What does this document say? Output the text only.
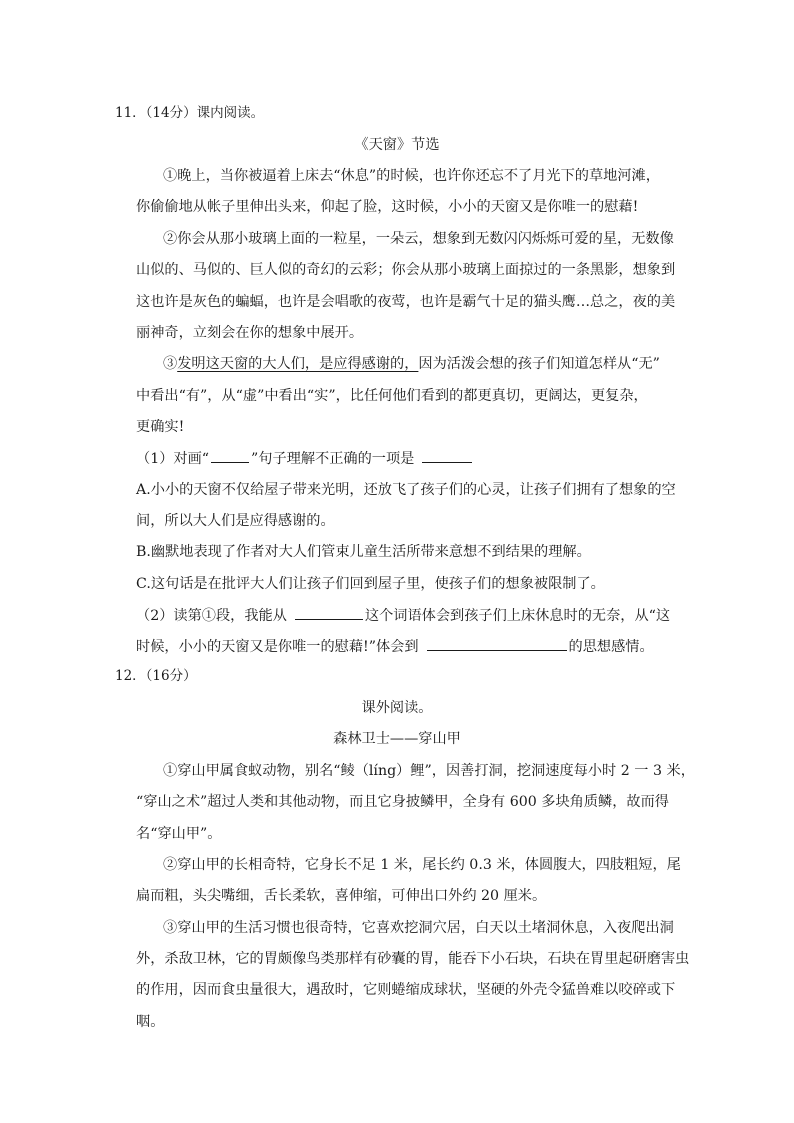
11．（14分）课内阅读。
《天窗》节选
①晚上，当你被逼着上床去“休息”的时候，也许你还忘不了月光下的草地河滩，
你偷偷地从帐子里伸出头来，仰起了脸，这时候，小小的天窗又是你唯一的慰藉!
②你会从那小玻璃上面的一粒星，一朵云，想象到无数闪闪烁烁可爱的星，无数像
山似的、马似的、巨人似的奇幻的云彩；你会从那小玻璃上面掠过的一条黑影，想象到
这也许是灰色的蝙蝠，也许是会唱歌的夜莺，也许是霸气十足的猫头鹰…总之，夜的美
丽神奇，立刻会在你的想象中展开。
③发明这天窗的大人们，是应得感谢的，因为活泼会想的孩子们知道怎样从“无”
中看出“有”，从“虚”中看出“实”，比任何他们看到的都更真切，更阔达，更复杂，
更确实!
（1）对画“	”句子理解不正确的一项是
A.小小的天窗不仅给屋子带来光明，还放飞了孩子们的心灵，让孩子们拥有了想象的空
间，所以大人们是应得感谢的。
B.幽默地表现了作者对大人们管束儿童生活所带来意想不到结果的理解。
C.这句话是在批评大人们让孩子们回到屋子里，使孩子们的想象被限制了。
（2）读第①段，我能从	这个词语体会到孩子们上床休息时的无奈，从“这
时候，小小的天窗又是你唯一的慰藉!”体会到	的思想感情。
12．（16分）
课外阅读。
森林卫士——穿山甲
①穿山甲属食蚁动物，别名“鲮（líng）鲤”，因善打洞，挖洞速度每小时 2 一 3 米，
“穿山之术”超过人类和其他动物，而且它身披鳞甲，全身有 600 多块角质鳞，故而得
名“穿山甲”。
②穿山甲的长相奇特，它身长不足 1 米，尾长约 0.3 米，体圆腹大，四肢粗短，尾
扁而粗，头尖嘴细，舌长柔软，喜伸缩，可伸出口外约 20 厘米。
③穿山甲的生活习惯也很奇特，它喜欢挖洞穴居，白天以土堵洞休息，入夜爬出洞
外，杀敌卫林，它的胃颇像鸟类那样有砂囊的胃，能吞下小石块，石块在胃里起研磨害虫
的作用，因而食虫量很大，遇敌时，它则蜷缩成球状，坚硬的外壳令猛兽难以咬碎或下
咽。
